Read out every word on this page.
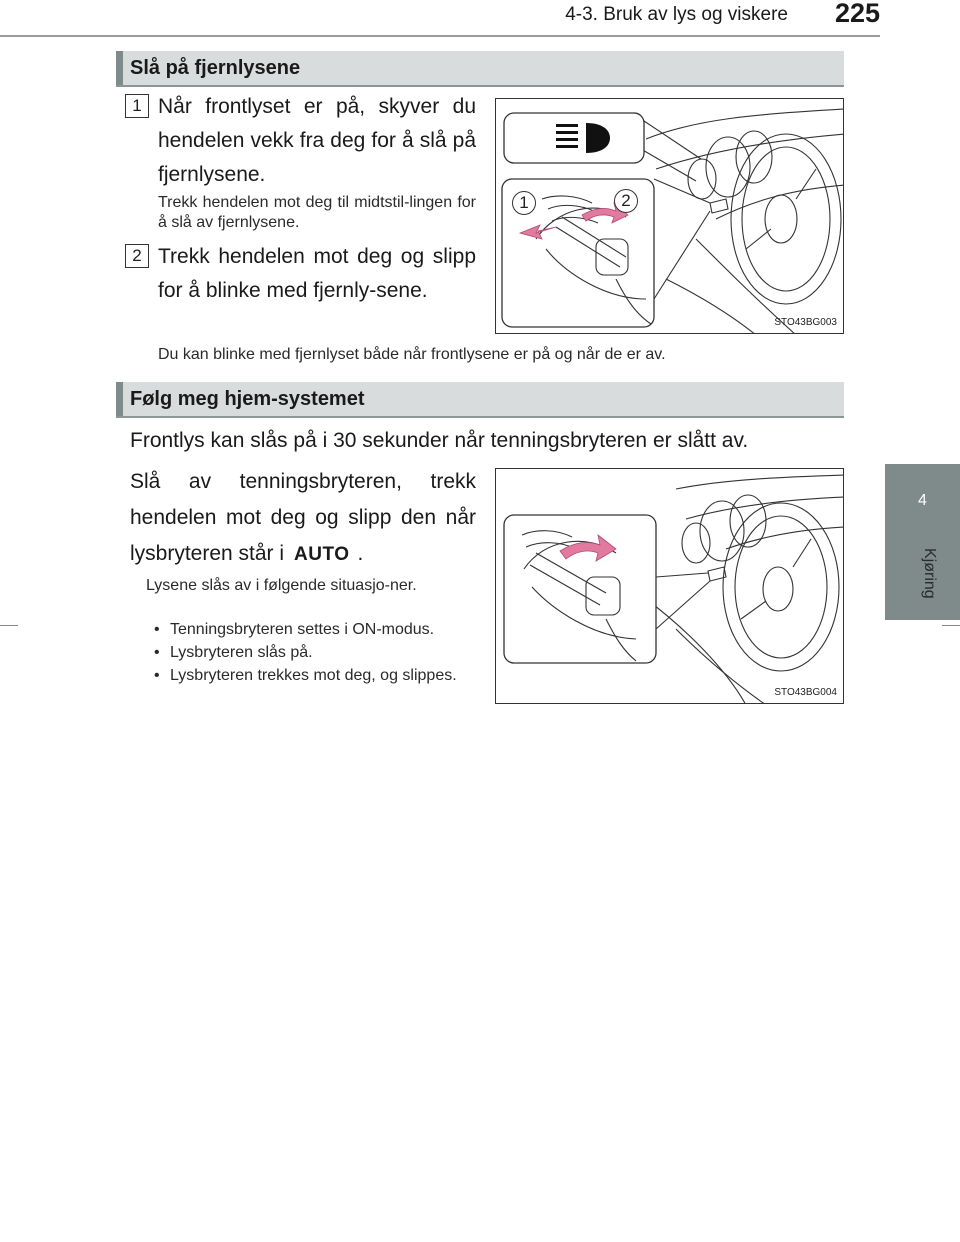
4-3. Bruk av lys og viskere	225
4
Kjøring
Slå på fjernlysene
1 Når frontlyset er på, skyver du hendelen vekk fra deg for å slå på fjernlysene.
Trekk hendelen mot deg til midtstil-lingen for å slå av fjernlysene.
2 Trekk hendelen mot deg og slipp for å blinke med fjernly-sene.
1	2
STO43BG003
Du kan blinke med fjernlyset både når frontlysene er på og når de er av.
Følg meg hjem-systemet
Frontlys kan slås på i 30 sekunder når tenningsbryteren er slått av.
Slå av tenningsbryteren, trekk hendelen mot deg og slipp den når lysbryteren står i AUTO .
Lysene slås av i følgende situasjo-ner.
• Tenningsbryteren settes i ON-modus.
• Lysbryteren slås på.
• Lysbryteren trekkes mot deg, og slippes.
STO43BG004
